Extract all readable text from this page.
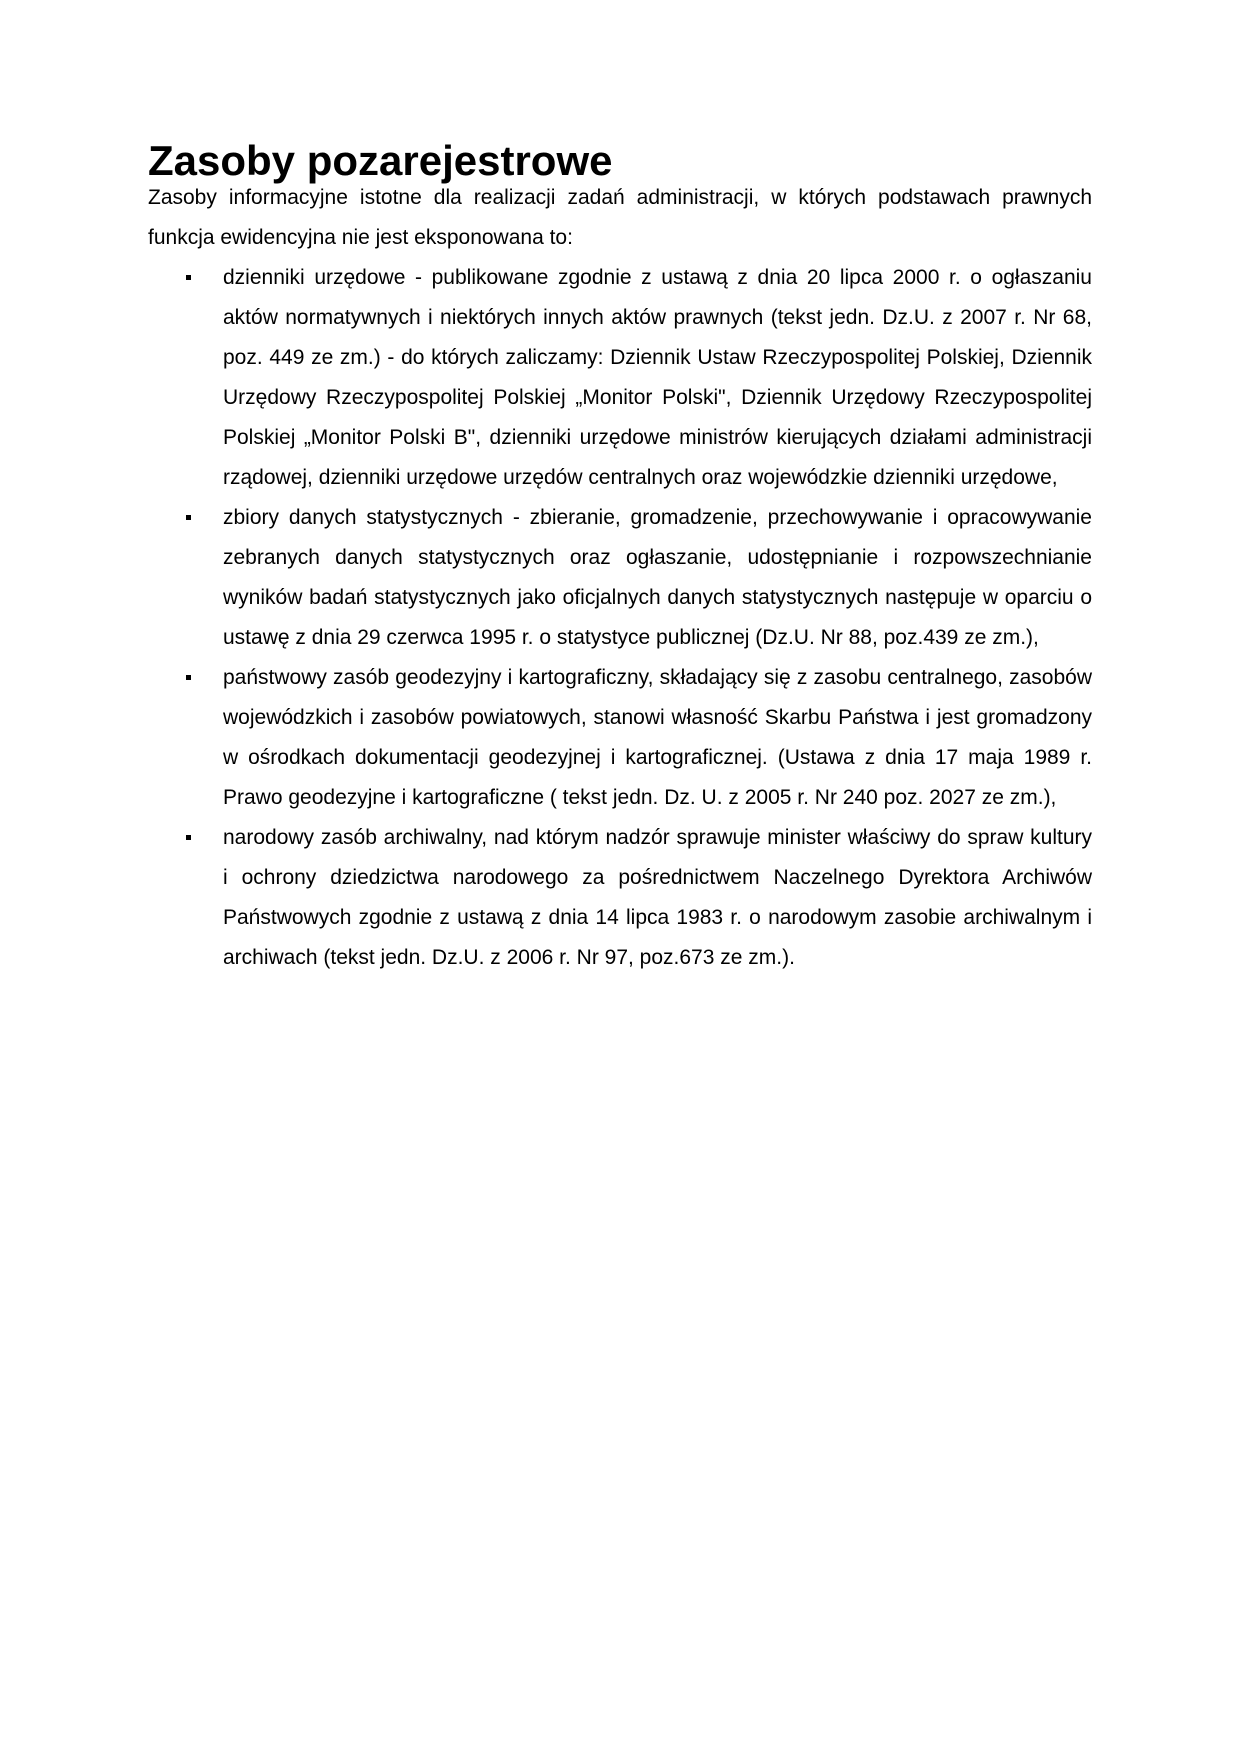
Zasoby pozarejestrowe

Zasoby informacyjne istotne dla realizacji zadań administracji, w których podstawach prawnych funkcja ewidencyjna nie jest eksponowana to:

dzienniki urzędowe - publikowane zgodnie z ustawą z dnia 20 lipca 2000 r. o ogłaszaniu aktów normatywnych i niektórych innych aktów prawnych (tekst jedn. Dz.U. z 2007 r. Nr 68, poz. 449 ze zm.) - do których zaliczamy: Dziennik Ustaw Rzeczypospolitej Polskiej, Dziennik Urzędowy Rzeczypospolitej Polskiej „Monitor Polski", Dziennik Urzędowy Rzeczypospolitej Polskiej „Monitor Polski B", dzienniki urzędowe ministrów kierujących działami administracji rządowej, dzienniki urzędowe urzędów centralnych oraz wojewódzkie dzienniki urzędowe,
zbiory danych statystycznych - zbieranie, gromadzenie, przechowywanie i opracowywanie zebranych danych statystycznych oraz ogłaszanie, udostępnianie i rozpowszechnianie wyników badań statystycznych jako oficjalnych danych statystycznych następuje w oparciu o ustawę z dnia 29 czerwca 1995 r. o statystyce publicznej (Dz.U. Nr 88, poz.439 ze zm.),
państwowy zasób geodezyjny i kartograficzny, składający się z zasobu centralnego, zasobów wojewódzkich i zasobów powiatowych, stanowi własność Skarbu Państwa i jest gromadzony w ośrodkach dokumentacji geodezyjnej i kartograficznej. (Ustawa z dnia 17 maja 1989 r. Prawo geodezyjne i kartograficzne ( tekst jedn. Dz. U. z 2005 r. Nr 240 poz. 2027 ze zm.),
narodowy zasób archiwalny, nad którym nadzór sprawuje minister właściwy do spraw kultury i ochrony dziedzictwa narodowego za pośrednictwem Naczelnego Dyrektora Archiwów Państwowych zgodnie z ustawą z dnia 14 lipca 1983 r. o narodowym zasobie archiwalnym i archiwach (tekst jedn. Dz.U. z 2006 r. Nr 97, poz.673 ze zm.).
